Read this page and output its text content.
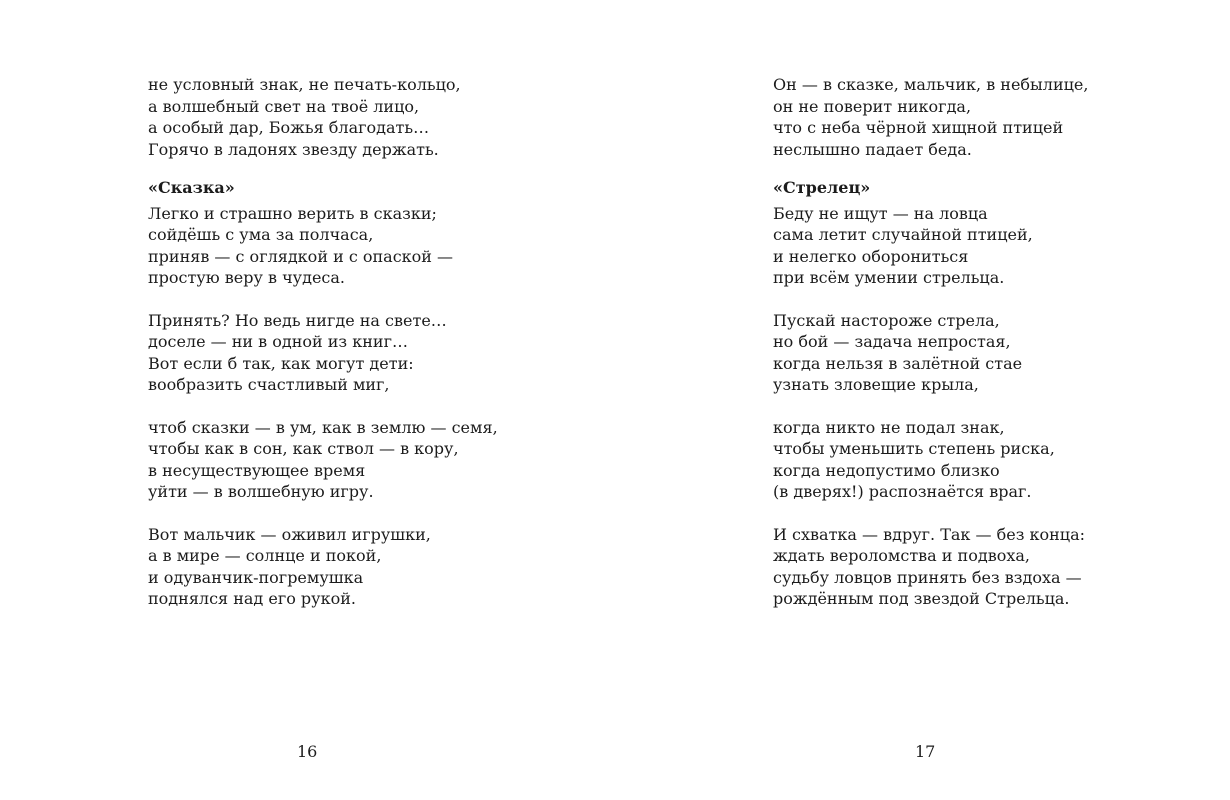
не условный знак, не печать-кольцо,
а волшебный свет на твоё лицо,
а особый дар, Божья благодать…
Горячо в ладонях звезду держать.
«Сказка»
Легко и страшно верить в сказки;
сойдёшь с ума за полчаса,
приняв — с оглядкой и с опаской —
простую веру в чудеса.
Принять? Но ведь нигде на свете…
доселе — ни в одной из книг…
Вот если б так, как могут дети:
вообразить счастливый миг,
чтоб сказки — в ум, как в землю — семя,
чтобы как в сон, как ствол — в кору,
в несуществующее время
уйти — в волшебную игру.
Вот мальчик — оживил игрушки,
а в мире — солнце и покой,
и одуванчик-погремушка
поднялся над его рукой.
16
Он — в сказке, мальчик, в небылице,
он не поверит никогда,
что с неба чёрной хищной птицей
неслышно падает беда.
«Стрелец»
Беду не ищут — на ловца
сама летит случайной птицей,
и нелегко оборониться
при всём умении стрельца.
Пускай настороже стрела,
но бой — задача непростая,
когда нельзя в залётной стае
узнать зловещие крыла,
когда никто не подал знак,
чтобы уменьшить степень риска,
когда недопустимо близко
(в дверях!) распознаётся враг.
И схватка — вдруг. Так — без конца:
ждать вероломства и подвоха,
судьбу ловцов принять без вздоха —
рождённым под звездой Стрельца.
17
